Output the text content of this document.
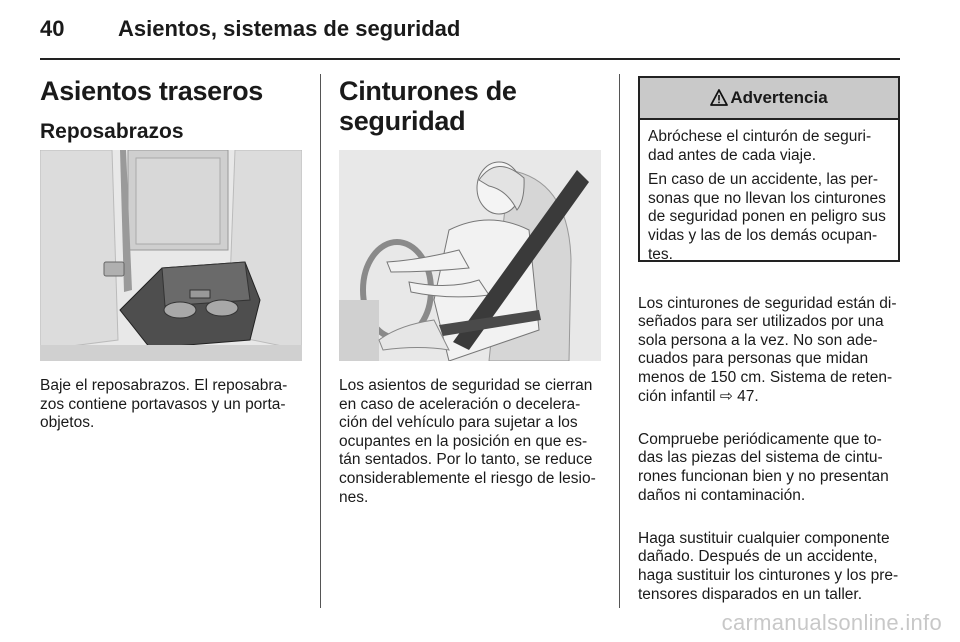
40 Asientos, sistemas de seguridad
Asientos traseros
Reposabrazos
Baje el reposabrazos. El reposabra-
zos contiene portavasos y un porta-
objetos.
Cinturones de
seguridad
Los asientos de seguridad se cierran
en caso de aceleración o decelera-
ción del vehículo para sujetar a los
ocupantes en la posición en que es-
tán sentados. Por lo tanto, se reduce
considerablemente el riesgo de lesio-
nes.
Advertencia

Abróchese el cinturón de seguri-
dad antes de cada viaje.

En caso de un accidente, las per-
sonas que no llevan los cinturones
de seguridad ponen en peligro sus
vidas y las de los demás ocupan-
tes.

Los cinturones de seguridad están di-
señados para ser utilizados por una
sola persona a la vez. No son ade-
cuados para personas que midan
menos de 150 cm. Sistema de reten-
ción infantil ⇨ 47.

Compruebe periódicamente que to-
das las piezas del sistema de cintu-
rones funcionan bien y no presentan
daños ni contaminación.

Haga sustituir cualquier componente
dañado. Después de un accidente,
haga sustituir los cinturones y los pre-
tensores disparados en un taller.

carmanualsonline.info
